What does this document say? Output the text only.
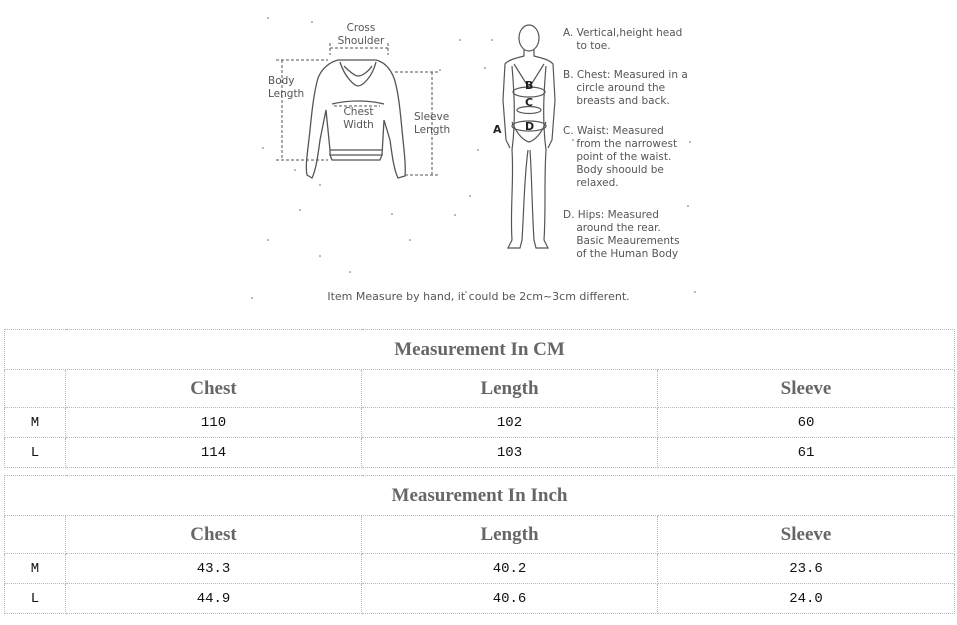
Cross
Shoulder
Body
Length
Chest
Width
Sleeve
Length	A
B
C
D
A. Vertical,height head
to toe.
B. Chest: Measured in a
circle around the
breasts and back.
C. Waist: Measured
from the narrowest
point of the waist.
Body shoould be
relaxed.
D. Hips: Measured
around the rear.
Basic Meaurements
of the Human Body
Item Measure by hand, it could be 2cm~3cm different.
Measurement In CM			
	Chest	Length	Sleeve
M	110	102	60
L	114	103	61
Measurement In Inch			
	Chest	Length	Sleeve
M	43.3	40.2	23.6
L	44.9	40.6	24.0
